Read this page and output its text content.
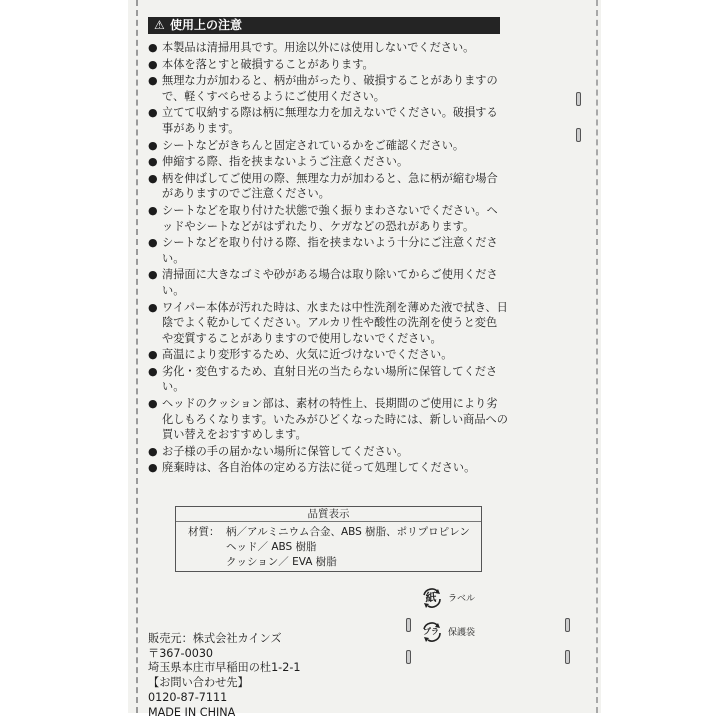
⚠ 使用上の注意
● 本製品は清掃用具です。用途以外には使用しないでください。
● 本体を落とすと破損することがあります。
● 無理な力が加わると、柄が曲がったり、破損することがありますので、軽くすべらせるようにご使用ください。
● 立てて収納する際は柄に無理な力を加えないでください。破損する事があります。
● シートなどがきちんと固定されているかをご確認ください。
● 伸縮する際、指を挟まないようご注意ください。
● 柄を伸ばしてご使用の際、無理な力が加わると、急に柄が縮む場合がありますのでご注意ください。
● シートなどを取り付けた状態で強く振りまわさないでください。ヘッドやシートなどがはずれたり、ケガなどの恐れがあります。
● シートなどを取り付ける際、指を挟まないよう十分にご注意ください。
● 清掃面に大きなゴミや砂がある場合は取り除いてからご使用ください。
● ワイパー本体が汚れた時は、水または中性洗剤を薄めた液で拭き、日陰でよく乾かしてください。アルカリ性や酸性の洗剤を使うと変色や変質することがありますので使用しないでください。
● 高温により変形するため、火気に近づけないでください。
● 劣化・変色するため、直射日光の当たらない場所に保管してください。
● ヘッドのクッション部は、素材の特性上、長期間のご使用により劣化しもろくなります。いたみがひどくなった時には、新しい商品への買い替えをおすすめします。
● お子様の手の届かない場所に保管してください。
● 廃棄時は、各自治体の定める方法に従って処理してください。
品質表示
材質： 柄／アルミニウム合金、ABS 樹脂、ポリプロピレン
ヘッド／ ABS 樹脂
クッション／ EVA 樹脂
紙	ラベル
プラ	保護袋
販売元：株式会社カインズ
〒367-0030
埼玉県本庄市早稲田の杜1-2-1
【お問い合わせ先】
0120-87-7111
MADE IN CHINA
